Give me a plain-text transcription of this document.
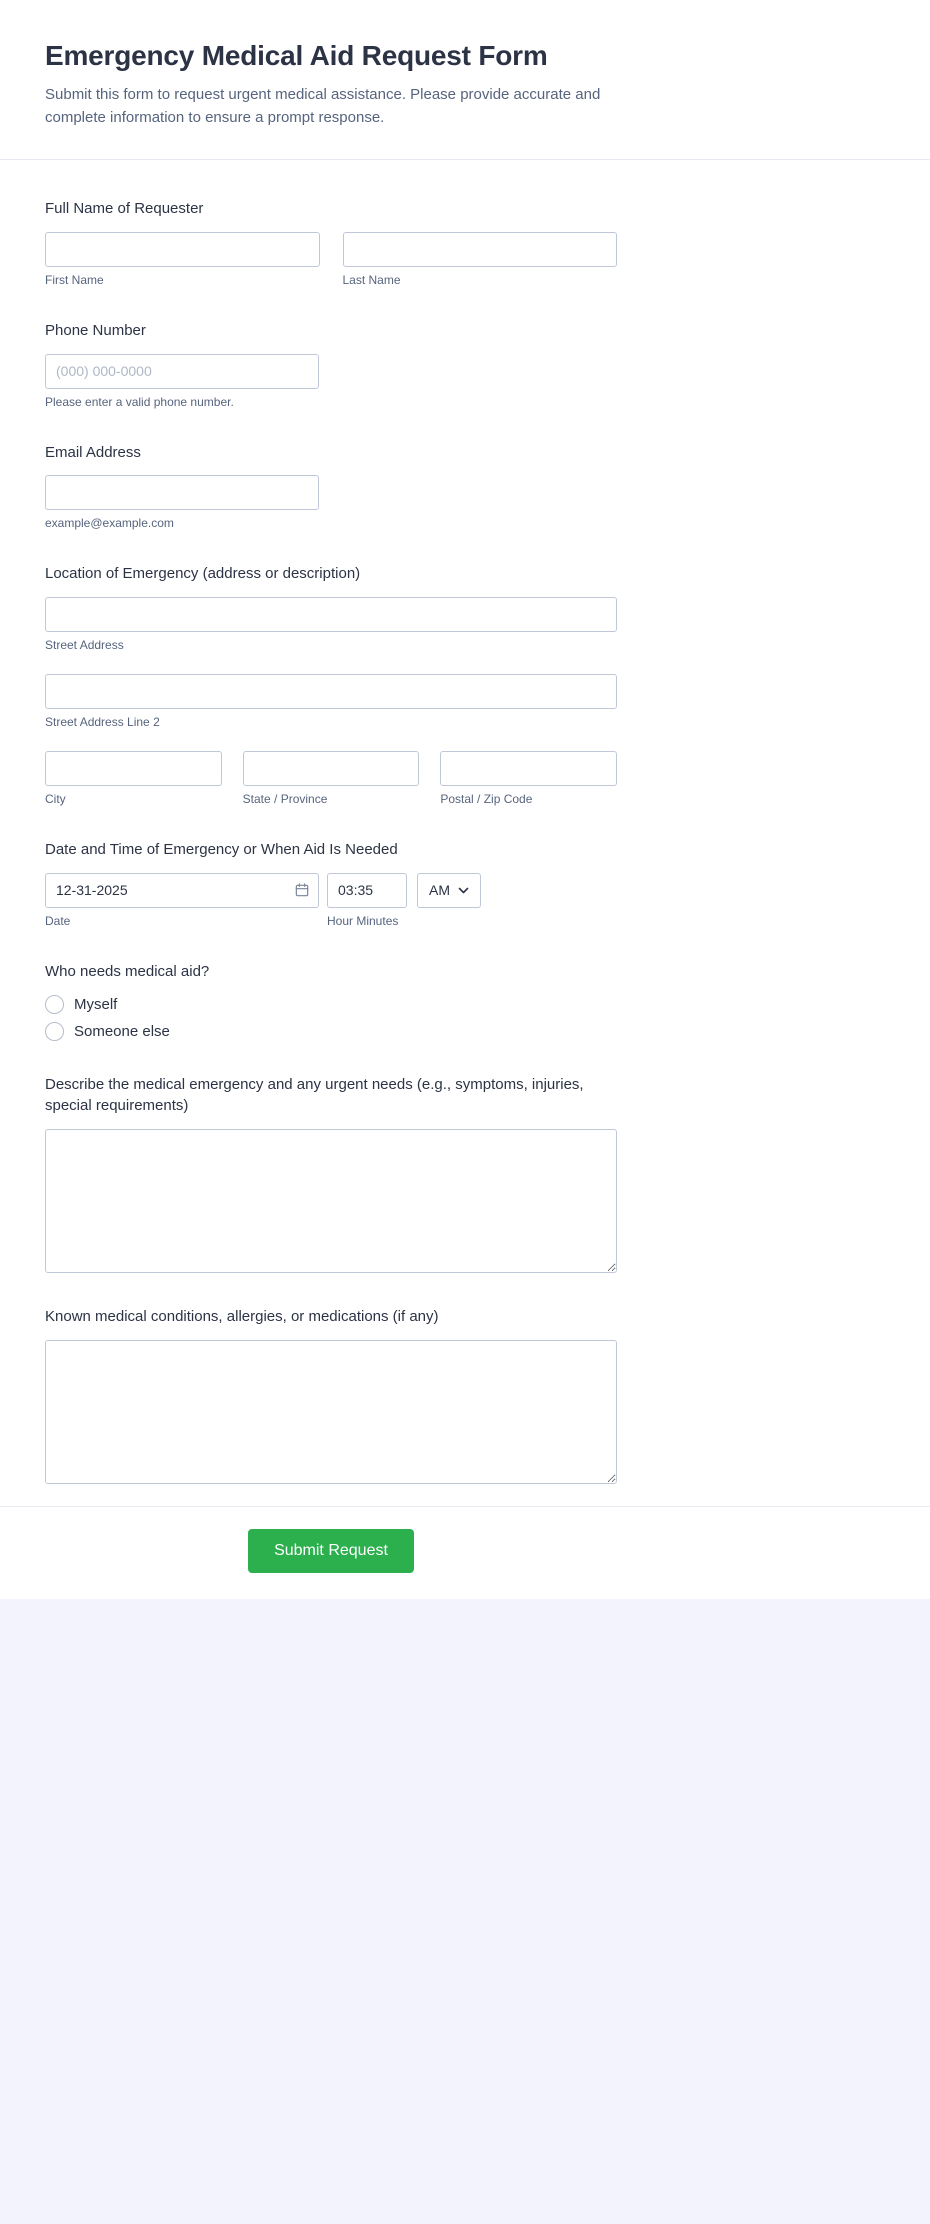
Emergency Medical Aid Request Form

Submit this form to request urgent medical assistance. Please provide accurate and complete information to ensure a prompt response.

Full Name of Requester
First Name	Last Name
Phone Number
(000) 000-0000
Please enter a valid phone number.
Email Address
example@example.com
Location of Emergency (address or description)
Street Address
Street Address Line 2
City	State / Province	Postal / Zip Code
Date and Time of Emergency or When Aid Is Needed
12-31-2025
Date
03:35	Hour Minutes
AM
Who needs medical aid?
Myself
Someone else
Describe the medical emergency and any urgent needs (e.g., symptoms, injuries, special requirements)
Known medical conditions, allergies, or medications (if any)
Submit Request
